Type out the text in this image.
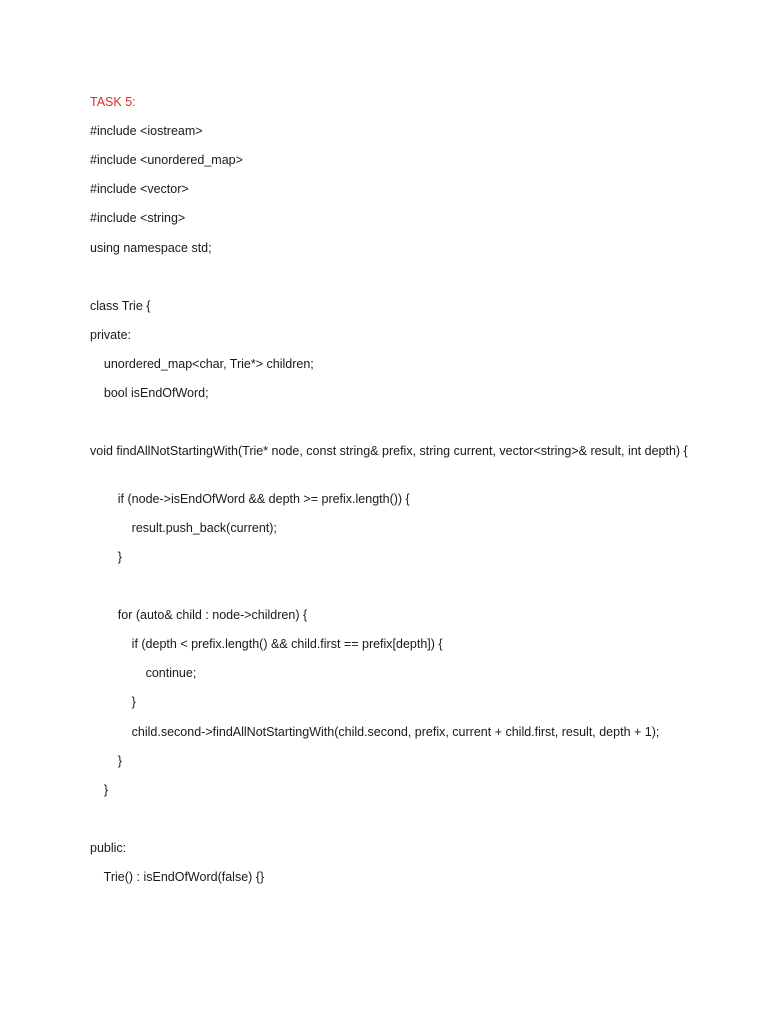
TASK 5:
#include <iostream>
#include <unordered_map>
#include <vector>
#include <string>
using namespace std;
class Trie {
private:
unordered_map<char, Trie*> children;
bool isEndOfWord;
void findAllNotStartingWith(Trie* node, const string& prefix, string current, vector<string>& result, int depth) {
if (node->isEndOfWord && depth >= prefix.length()) {
result.push_back(current);
}
for (auto& child : node->children) {
if (depth < prefix.length() && child.first == prefix[depth]) {
continue;
}
child.second->findAllNotStartingWith(child.second, prefix, current + child.first, result, depth + 1);
}
}
public:
Trie() : isEndOfWord(false) {}
